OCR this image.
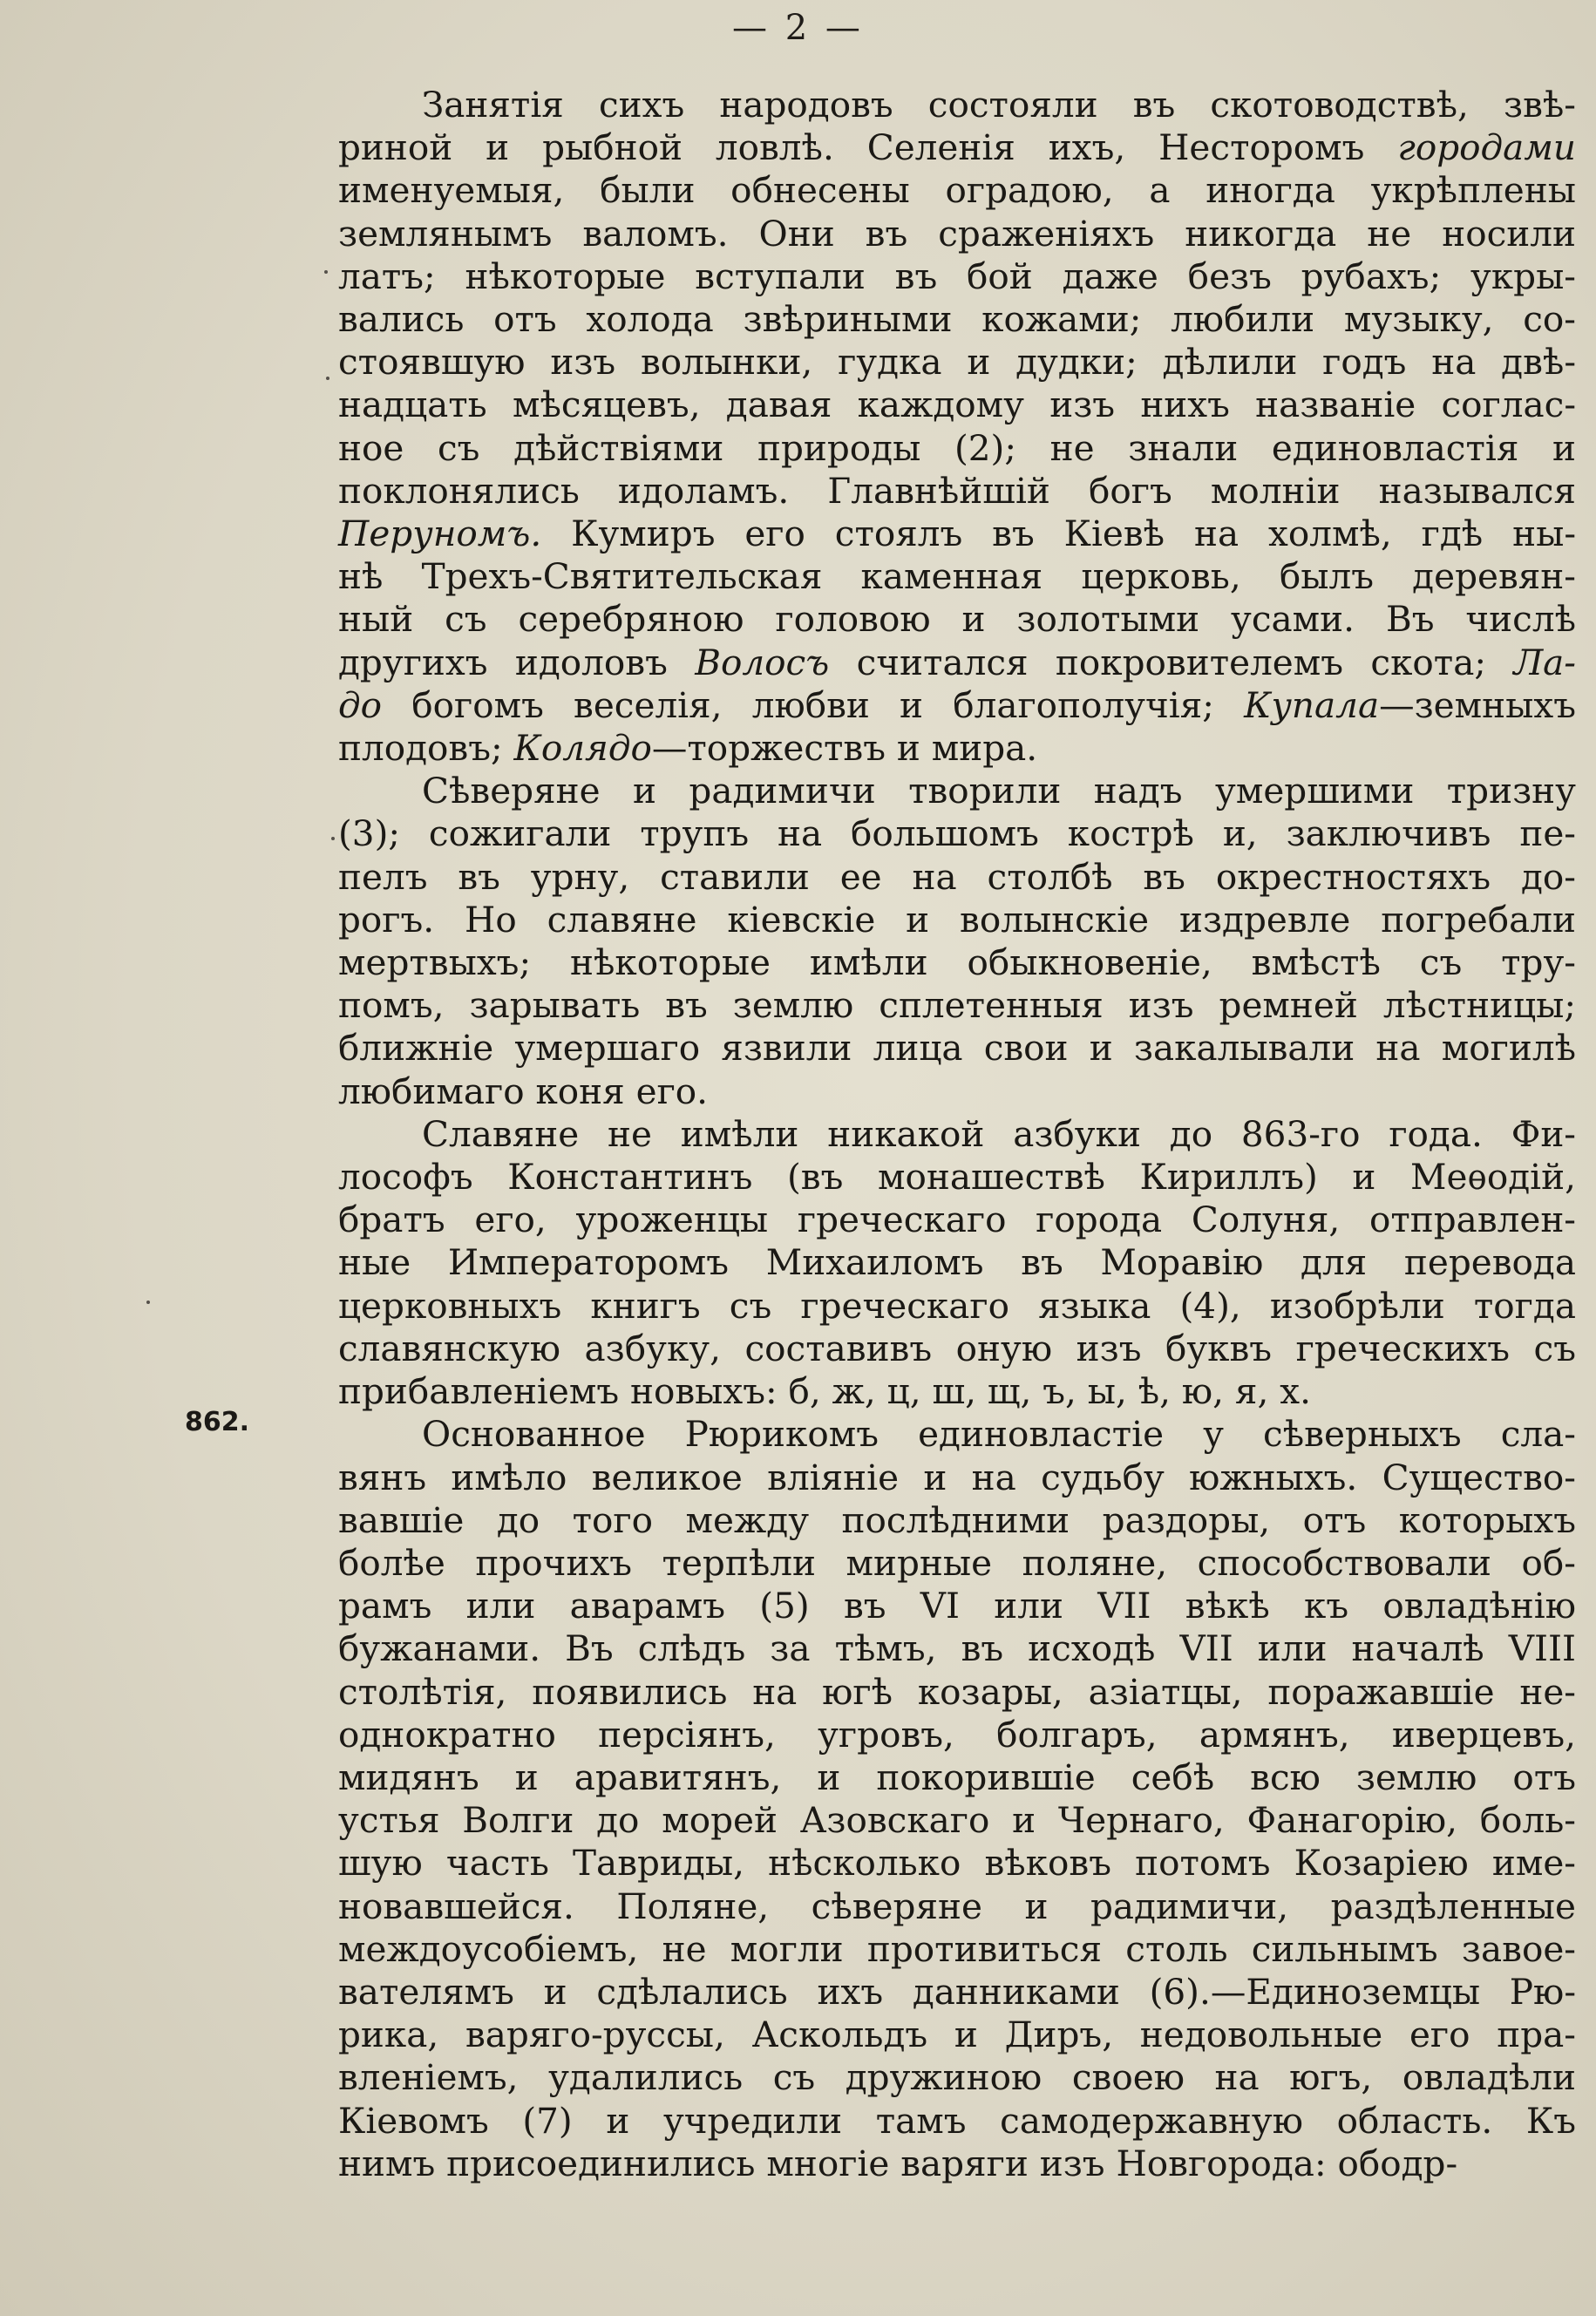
— 2 —
862.

Занятія сихъ народовъ состояли въ скотоводствѣ, звѣ-
риной и рыбной ловлѣ. Селенія ихъ, Несторомъ городами
именуемыя, были обнесены оградою, а иногда укрѣплены
землянымъ валомъ. Они въ сраженіяхъ никогда не носили
латъ; нѣкоторые вступали въ бой даже безъ рубахъ; укры-
вались отъ холода звѣриными кожами; любили музыку, со-
стоявшую изъ волынки, гудка и дудки; дѣлили годъ на двѣ-
надцать мѣсяцевъ, давая каждому изъ нихъ названіе соглас-
ное съ дѣйствіями природы (2); не знали единовластія и
поклонялись идоламъ. Главнѣйшій богъ молніи назывался
Перуномъ. Кумиръ его стоялъ въ Кіевѣ на холмѣ, гдѣ ны-
нѣ Трехъ-Святительская каменная церковь, былъ деревян-
ный съ серебряною головою и золотыми усами. Въ числѣ
другихъ идоловъ Волосъ считался покровителемъ скота; Ла-
до богомъ веселія, любви и благополучія; Купала—земныхъ
плодовъ; Колядо—торжествъ и мира.

Сѣверяне и радимичи творили надъ умершими тризну
(3); сожигали трупъ на большомъ кострѣ и, заключивъ пе-
пелъ въ урну, ставили ее на столбѣ въ окрестностяхъ до-
рогъ. Но славяне кіевскіе и волынскіе издревле погребали
мертвыхъ; нѣкоторые имѣли обыкновеніе, вмѣстѣ съ тру-
помъ, зарывать въ землю сплетенныя изъ ремней лѣстницы;
ближніе умершаго язвили лица свои и закалывали на могилѣ
любимаго коня его.

Славяне не имѣли никакой азбуки до 863-го года. Фи-
лософъ Константинъ (въ монашествѣ Кириллъ) и Меѳодій,
братъ его, уроженцы греческаго города Солуня, отправлен-
ные Императоромъ Михаиломъ въ Моравію для перевода
церковныхъ книгъ съ греческаго языка (4), изобрѣли тогда
славянскую азбуку, составивъ оную изъ буквъ греческихъ съ
прибавленіемъ новыхъ: б, ж, ц, ш, щ, ъ, ы, ѣ, ю, я, х.

Основанное Рюрикомъ единовластіе у сѣверныхъ сла-
вянъ имѣло великое вліяніе и на судьбу южныхъ. Существо-
вавшіе до того между послѣдними раздоры, отъ которыхъ
болѣе прочихъ терпѣли мирные поляне, способствовали об-
рамъ или аварамъ (5) въ VI или VII вѣкѣ къ овладѣнію
бужанами. Въ слѣдъ за тѣмъ, въ исходѣ VII или началѣ VIII
столѣтія, появились на югѣ козары, азіатцы, поражавшіе не-
однократно персіянъ, угровъ, болгаръ, армянъ, иверцевъ,
мидянъ и аравитянъ, и покорившіе себѣ всю землю отъ
устья Волги до морей Азовскаго и Чернаго, Фанагорію, боль-
шую часть Тавриды, нѣсколько вѣковъ потомъ Козаріею име-
новавшейся. Поляне, сѣверяне и радимичи, раздѣленные
междоусобіемъ, не могли противиться столь сильнымъ завое-
вателямъ и сдѣлались ихъ данниками (6).—Единоземцы Рю-
рика, варяго-руссы, Аскольдъ и Диръ, недовольные его пра-
вленіемъ, удалились съ дружиною своею на югъ, овладѣли
Кіевомъ (7) и учредили тамъ самодержавную область. Къ
нимъ присоединились многіе варяги изъ Новгорода: ободр-
